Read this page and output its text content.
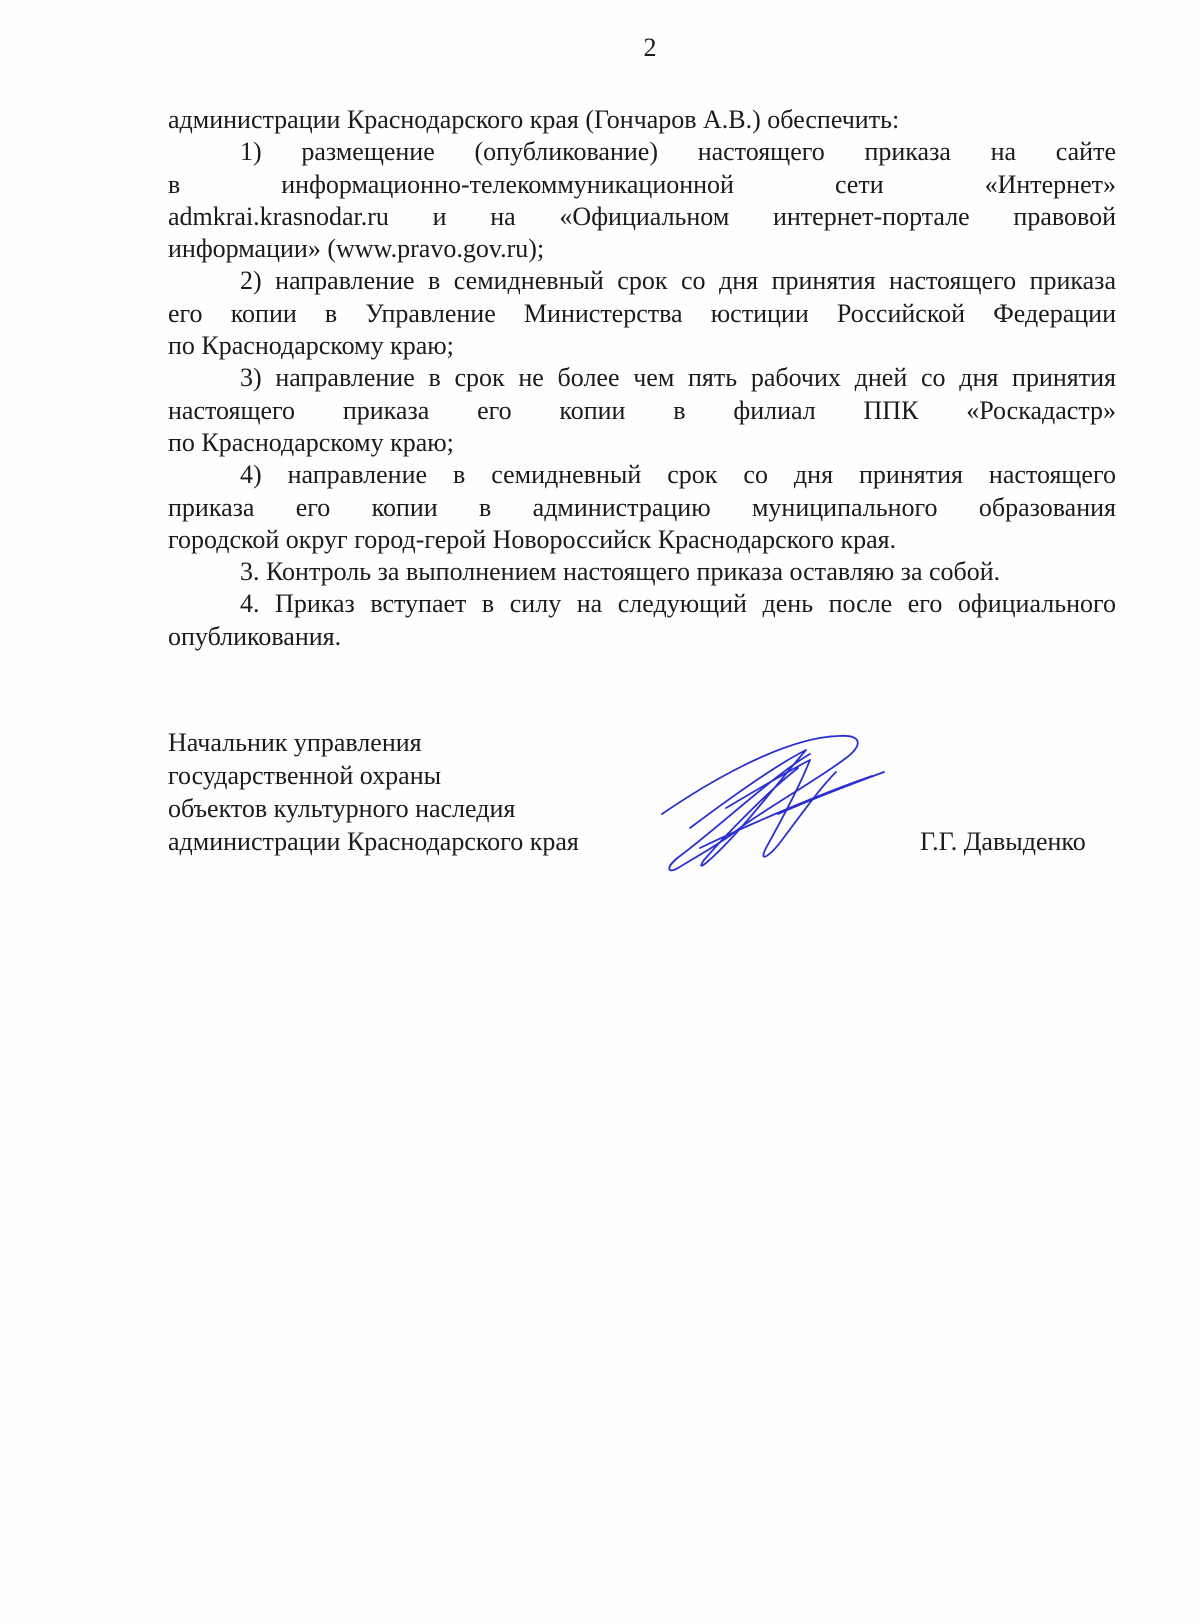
2
администрации Краснодарского края (Гончаров А.В.) обеспечить:
1) размещение (опубликование) настоящего приказа на сайте
в информационно-телекоммуникационной сети «Интернет»
admkrai.krasnodar.ru и на «Официальном интернет-портале правовой
информации» (www.pravo.gov.ru);
2) направление в семидневный срок со дня принятия настоящего приказа
его копии в Управление Министерства юстиции Российской Федерации
по Краснодарскому краю;
3) направление в срок не более чем пять рабочих дней со дня принятия
настоящего приказа его копии в филиал ППК «Роскадастр»
по Краснодарскому краю;
4) направление в семидневный срок со дня принятия настоящего
приказа его копии в администрацию муниципального образования
городской округ город-герой Новороссийск Краснодарского края.
3. Контроль за выполнением настоящего приказа оставляю за собой.
4. Приказ вступает в силу на следующий день после его официального
опубликования.
Начальник управления
государственной охраны
объектов культурного наследия
администрации Краснодарского края	Г.Г. Давыденко
